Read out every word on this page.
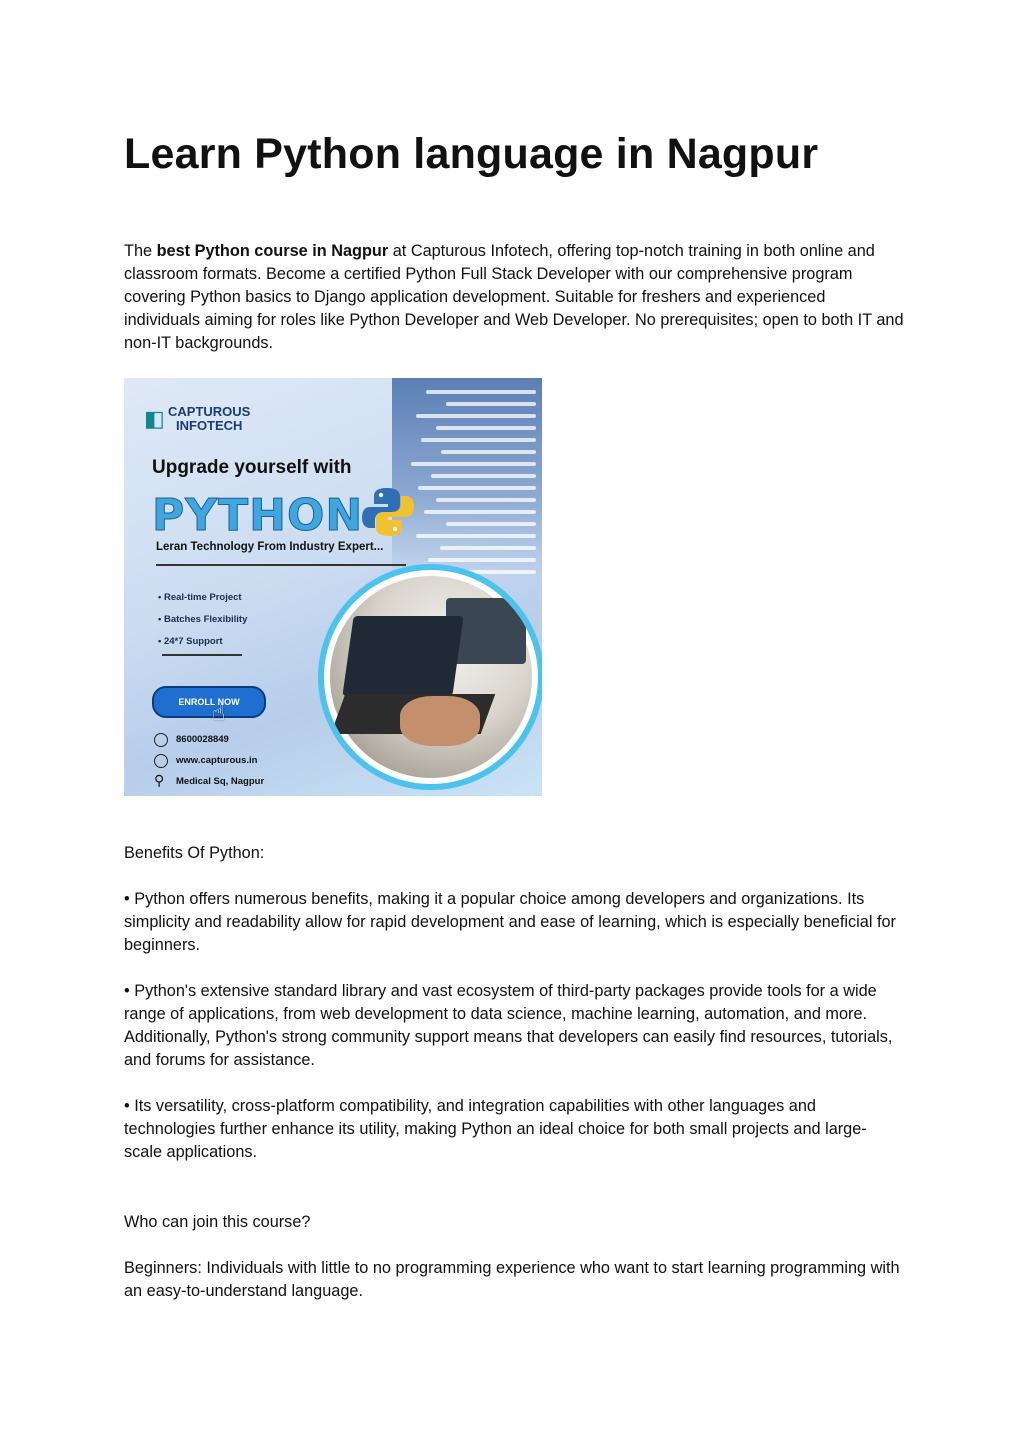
Learn Python language in Nagpur

The best Python course in Nagpur at Capturous Infotech, offering top-notch training in both online and classroom formats. Become a certified Python Full Stack Developer with our comprehensive program covering Python basics to Django application development. Suitable for freshers and experienced individuals aiming for roles like Python Developer and Web Developer. No prerequisites; open to both IT and non-IT backgrounds.

◧ CAPTUROUS
INFOTECH
Upgrade yourself with
PYTHON
Leran Technology From Industry Expert...
• Real-time Project
• Batches Flexibility
• 24*7 Support
ENROLL NOW
☝
8600028849
www.capturous.in
⚲ Medical Sq, Nagpur

Benefits Of Python:

• Python offers numerous benefits, making it a popular choice among developers and organizations. Its simplicity and readability allow for rapid development and ease of learning, which is especially beneficial for beginners.

• Python's extensive standard library and vast ecosystem of third-party packages provide tools for a wide range of applications, from web development to data science, machine learning, automation, and more. Additionally, Python's strong community support means that developers can easily find resources, tutorials, and forums for assistance.

• Its versatility, cross-platform compatibility, and integration capabilities with other languages and technologies further enhance its utility, making Python an ideal choice for both small projects and large-scale applications.

Who can join this course?

Beginners: Individuals with little to no programming experience who want to start learning programming with an easy-to-understand language.
